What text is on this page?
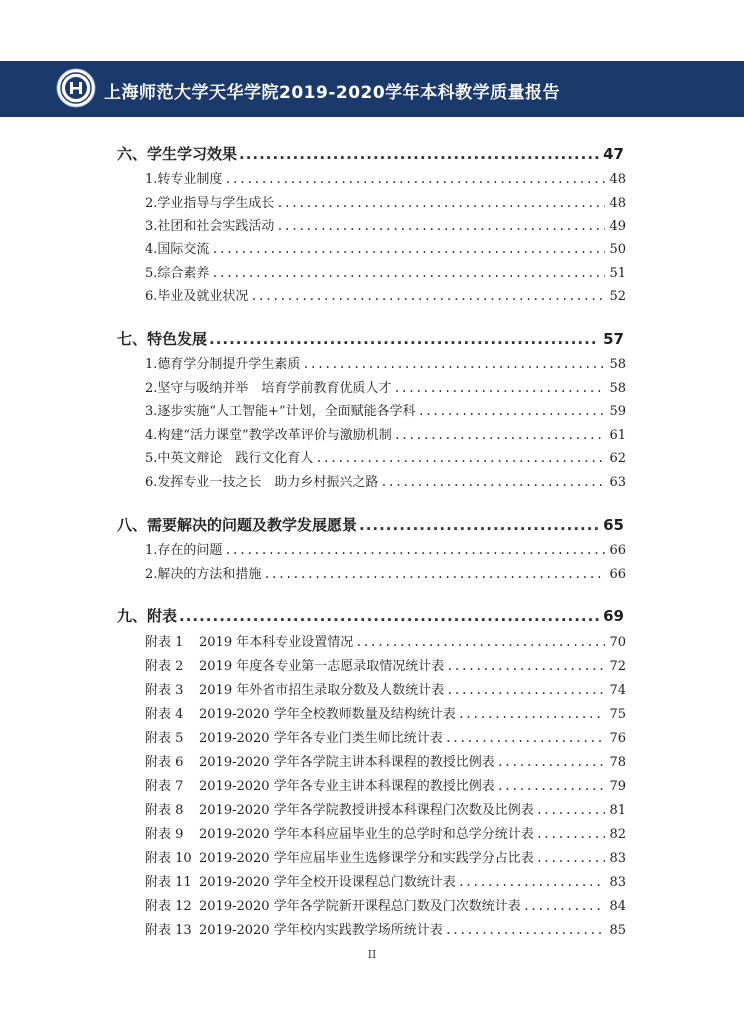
上海师范大学天华学院2019-2020学年本科教学质量报告
六、学生学习效果 .....	47
1.转专业制度 .....	48
2.学业指导与学生成长 .....	48
3.社团和社会实践活动 .....	49
4.国际交流 .....	50
5.综合素养 .....	51
6.毕业及就业状况 .....	52
七、特色发展 .....	57
1.德育学分制提升学生素质 .....	58
2.坚守与吸纳并举　培育学前教育优质人才 .....	58
3.逐步实施“人工智能+”计划，全面赋能各学科 .....	59
4.构建“活力课堂”教学改革评价与激励机制 .....	61
5.中英文辩论　践行文化育人 .....	62
6.发挥专业一技之长　助力乡村振兴之路 .....	63
八、需要解决的问题及教学发展愿景 .....	65
1.存在的问题 .....	66
2.解决的方法和措施 .....	66
九、附表 .....	69
附表 1 2019 年本科专业设置情况 .....	70
附表 2 2019 年度各专业第一志愿录取情况统计表 .....	72
附表 3 2019 年外省市招生录取分数及人数统计表 .....	74
附表 4 2019-2020 学年全校教师数量及结构统计表 .....	75
附表 5 2019-2020 学年各专业门类生师比统计表 .....	76
附表 6 2019-2020 学年各学院主讲本科课程的教授比例表 .....	78
附表 7 2019-2020 学年各专业主讲本科课程的教授比例表 .....	79
附表 8 2019-2020 学年各学院教授讲授本科课程门次数及比例表 .....	81
附表 9 2019-2020 学年本科应届毕业生的总学时和总学分统计表 .....	82
附表 10 2019-2020 学年应届毕业生选修课学分和实践学分占比表 .....	83
附表 11 2019-2020 学年全校开设课程总门数统计表 .....	83
附表 12 2019-2020 学年各学院新开课程总门数及门次数统计表 .....	84
附表 13 2019-2020 学年校内实践教学场所统计表 .....	85
II
